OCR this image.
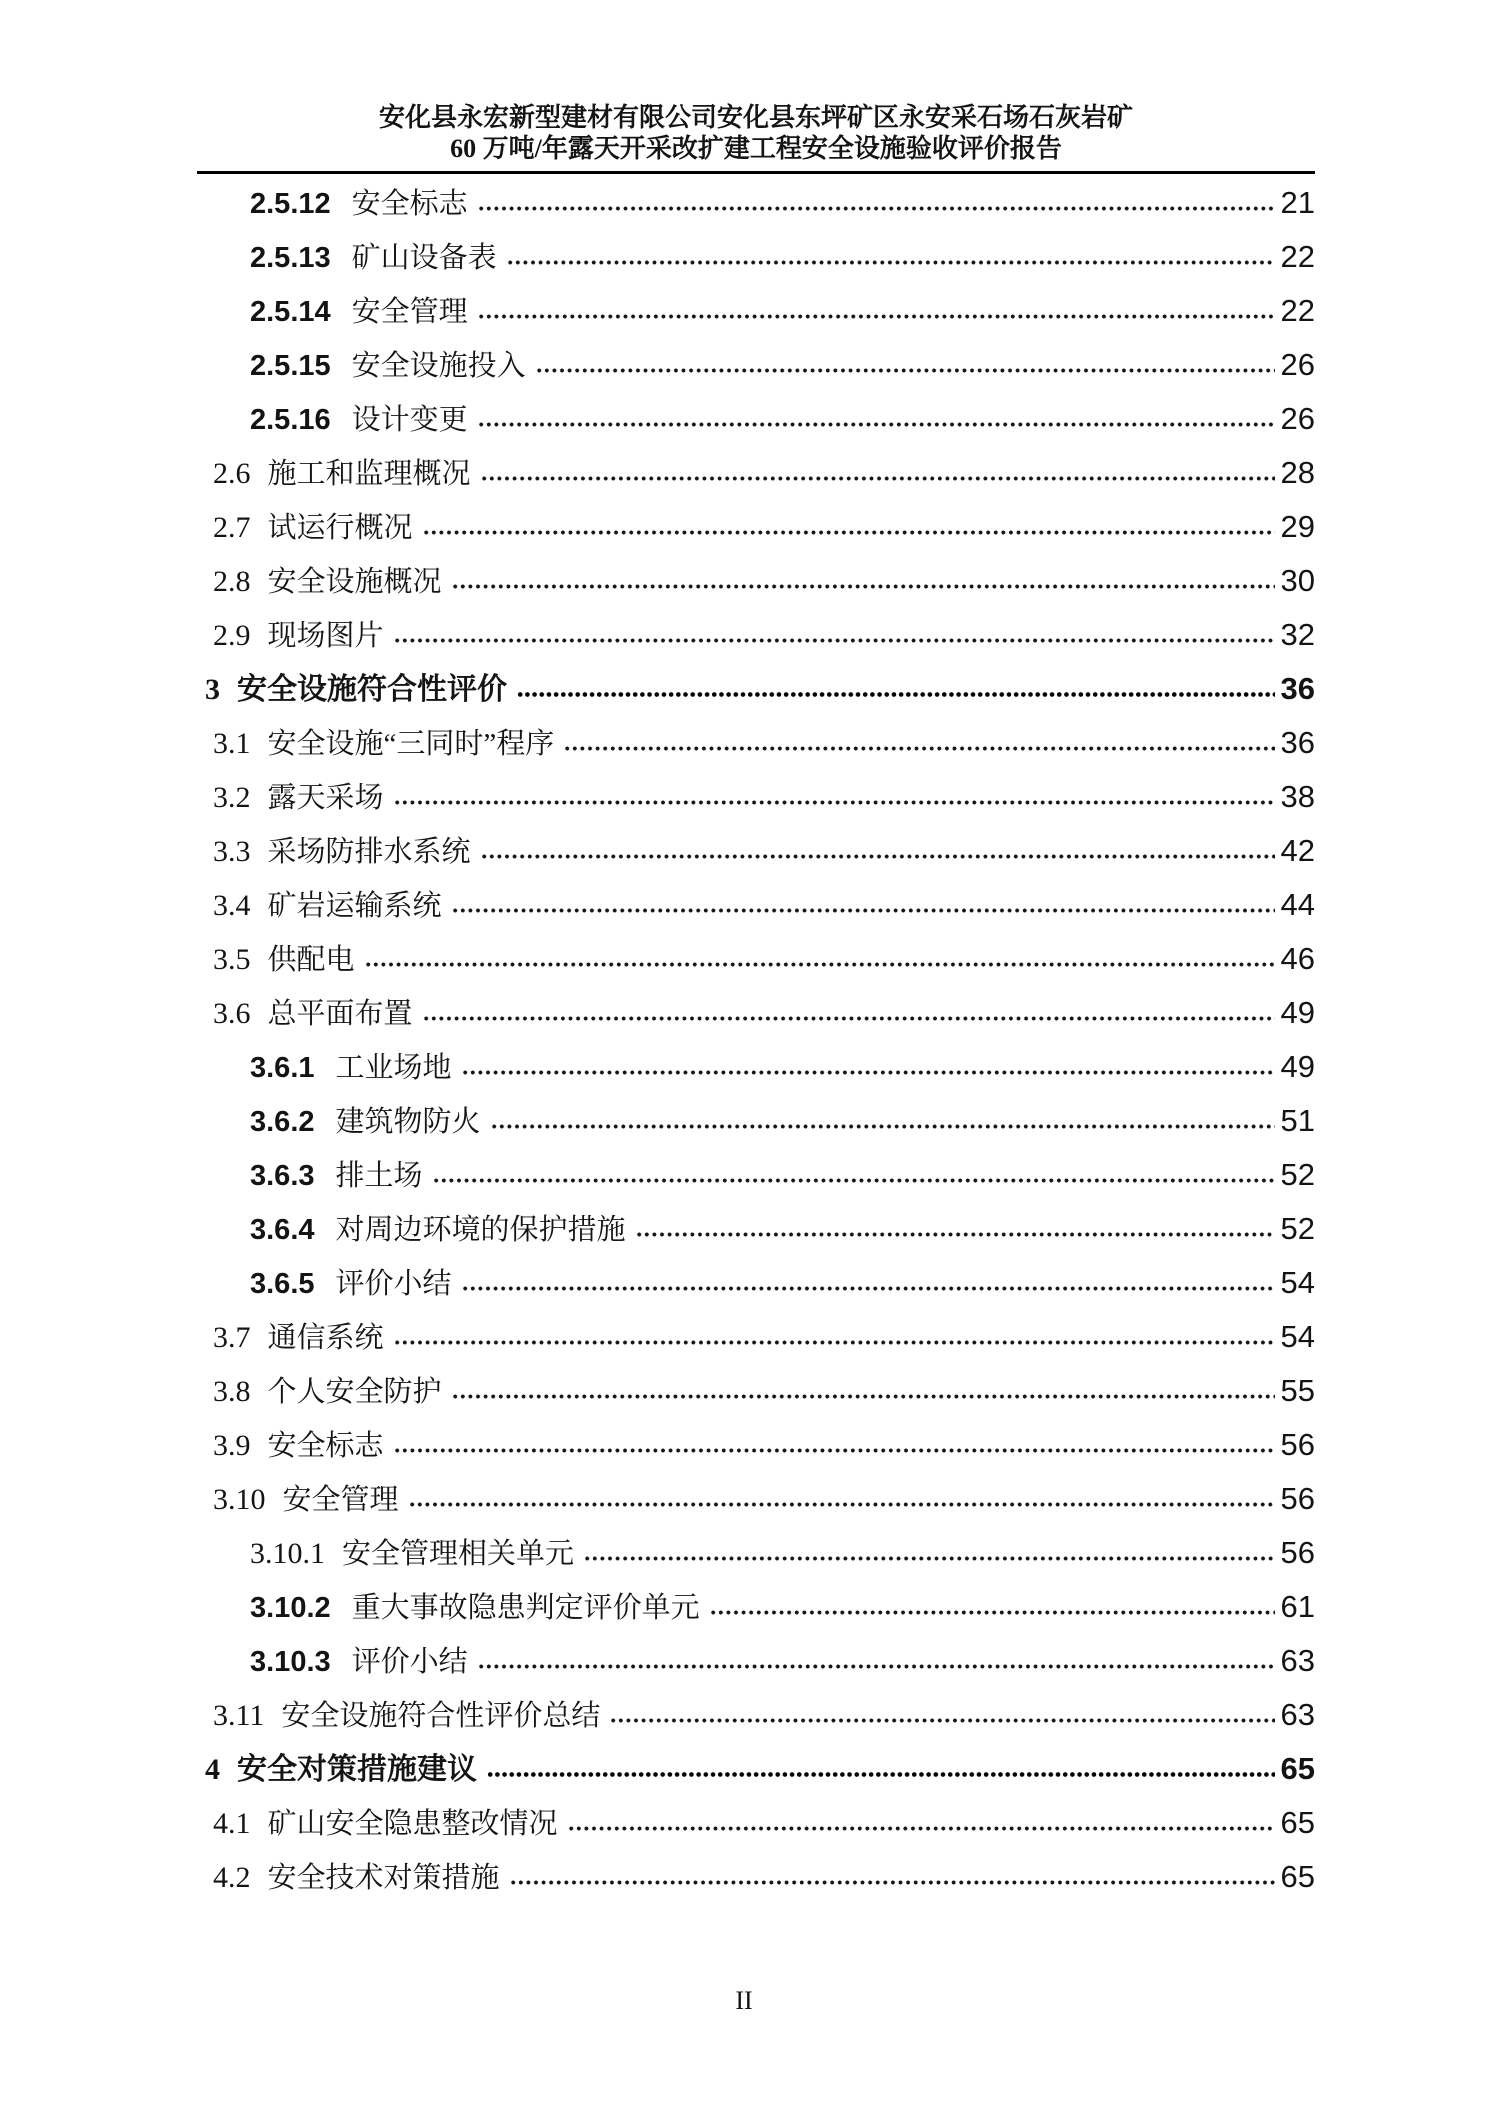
安化县永宏新型建材有限公司安化县东坪矿区永安采石场石灰岩矿
60 万吨/年露天开采改扩建工程安全设施验收评价报告
2.5.12 安全标志	21
2.5.13 矿山设备表	22
2.5.14 安全管理	22
2.5.15 安全设施投入	26
2.5.16 设计变更	26
2.6 施工和监理概况	28
2.7 试运行概况	29
2.8 安全设施概况	30
2.9 现场图片	32
3 安全设施符合性评价	36
3.1 安全设施“三同时”程序	36
3.2 露天采场	38
3.3 采场防排水系统	42
3.4 矿岩运输系统	44
3.5 供配电	46
3.6 总平面布置	49
3.6.1 工业场地	49
3.6.2 建筑物防火	51
3.6.3 排土场	52
3.6.4 对周边环境的保护措施	52
3.6.5 评价小结	54
3.7 通信系统	54
3.8 个人安全防护	55
3.9 安全标志	56
3.10 安全管理	56
3.10.1 安全管理相关单元	56
3.10.2 重大事故隐患判定评价单元	61
3.10.3 评价小结	63
3.11 安全设施符合性评价总结	63
4 安全对策措施建议	65
4.1 矿山安全隐患整改情况	65
4.2 安全技术对策措施	65
II
